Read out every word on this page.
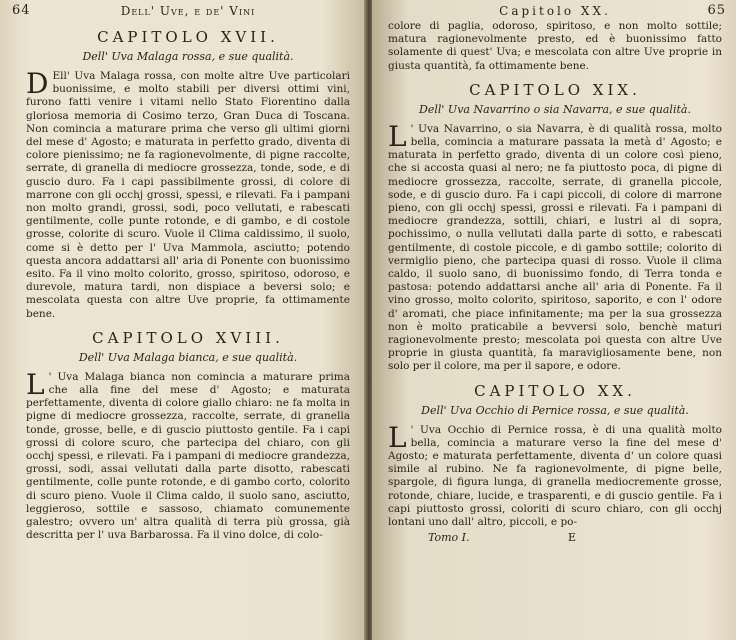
64	Dell' Uve, e de' Vini
CAPITOLO XVII.
Dell' Uva Malaga rossa, e sue qualità.

D Ell' Uva Malaga rossa, con molte altre Uve particolari buonissime, e molto stabili per diversi ottimi vini, furono fatti venire i vitami nello Stato Fiorentino dalla gloriosa memoria di Cosimo terzo, Gran Duca di Toscana. Non comincia a maturare prima che verso gli ultimi giorni del mese d' Agosto; e maturata in perfetto grado, diventa di colore pienissimo; ne fa ragionevolmente, di pigne raccolte, serrate, di granella di mediocre grossezza, tonde, sode, e di guscio duro. Fa i capi passibilmente grossi, di colore di marrone con gli occhj grossi, spessi, e rilevati. Fa i pampani non molto grandi, grossi, sodi, poco vellutati, e rabescati gentilmente, colle punte rotonde, e di gambo, e di costole grosse, colorite di scuro. Vuole il Clima caldissimo, il suolo, come si è detto per l' Uva Mammola, asciutto; potendo questa ancora addattarsi all' aria di Ponente con buonissimo esito. Fa il vino molto colorito, grosso, spiritoso, odoroso, e durevole, matura tardi, non dispiace a beversi solo; e mescolata questa con altre Uve proprie, fa ottimamente bene.

CAPITOLO XVIII.
Dell' Uva Malaga bianca, e sue qualità.

L ' Uva Malaga bianca non comincia a maturare prima che alla fine del mese d' Agosto; e maturata perfettamente, diventa di colore giallo chiaro: ne fa molta in pigne di mediocre grossezza, raccolte, serrate, di granella tonde, grosse, belle, e di guscio piuttosto gentile. Fa i capi grossi di colore scuro, che partecipa del chiaro, con gli occhj spessi, e rilevati. Fa i pampani di mediocre grandezza, grossi, sodi, assai vellutati dalla parte disotto, rabescati gentilmente, colle punte rotonde, e di gambo corto, colorito di scuro pieno. Vuole il Clima caldo, il suolo sano, asciutto, leggieroso, sottile e sassoso, chiamato comunemente galestro; ovvero un' altra qualità di terra più grossa, già descritta per l' uva Barbarossa. Fa il vino dolce, di colo-

Capitolo XX.	65

colore di paglia, odoroso, spiritoso, e non molto sottile; matura ragionevolmente presto, ed è buonissimo fatto solamente di quest' Uva; e mescolata con altre Uve proprie in giusta quantità, fa ottimamente bene.

CAPITOLO XIX.
Dell' Uva Navarrino o sia Navarra, e sue qualità.

L ' Uva Navarrino, o sia Navarra, è di qualità rossa, molto bella, comincia a maturare passata la metà d' Agosto; e maturata in perfetto grado, diventa di un colore così pieno, che si accosta quasi al nero; ne fa piuttosto poca, di pigne di mediocre grossezza, raccolte, serrate, di granella piccole, sode, e di guscio duro. Fa i capi piccoli, di colore di marrone pieno, con gli occhj spessi, grossi e rilevati. Fa i pampani di mediocre grandezza, sottili, chiari, e lustri al di sopra, pochissimo, o nulla vellutati dalla parte di sotto, e rabescati gentilmente, di costole piccole, e di gambo sottile; colorito di vermiglio pieno, che partecipa quasi di rosso. Vuole il clima caldo, il suolo sano, di buonissimo fondo, di Terra tonda e pastosa: potendo addattarsi anche all' aria di Ponente. Fa il vino grosso, molto colorito, spiritoso, saporito, e con l' odore d' aromati, che piace infinitamente; ma per la sua grossezza non è molto praticabile a bevversi solo, benchè maturi ragionevolmente presto; mescolata poi questa con altre Uve proprie in giusta quantità, fa maravigliosamente bene, non solo per il colore, ma per il sapore, e odore.

CAPITOLO XX.
Dell' Uva Occhio di Pernice rossa, e sue qualità.

L ' Uva Occhio di Pernice rossa, è di una qualità molto bella, comincia a maturare verso la fine del mese d' Agosto; e maturata perfettamente, diventa d' un colore quasi simile al rubino. Ne fa ragionevolmente, di pigne belle, spargole, di figura lunga, di granella mediocremente grosse, rotonde, chiare, lucide, e trasparenti, e di guscio gentile. Fa i capi piuttosto grossi, coloriti di scuro chiaro, con gli occhj lontani uno dall' altro, piccoli, e po-

Tomo I.	E
